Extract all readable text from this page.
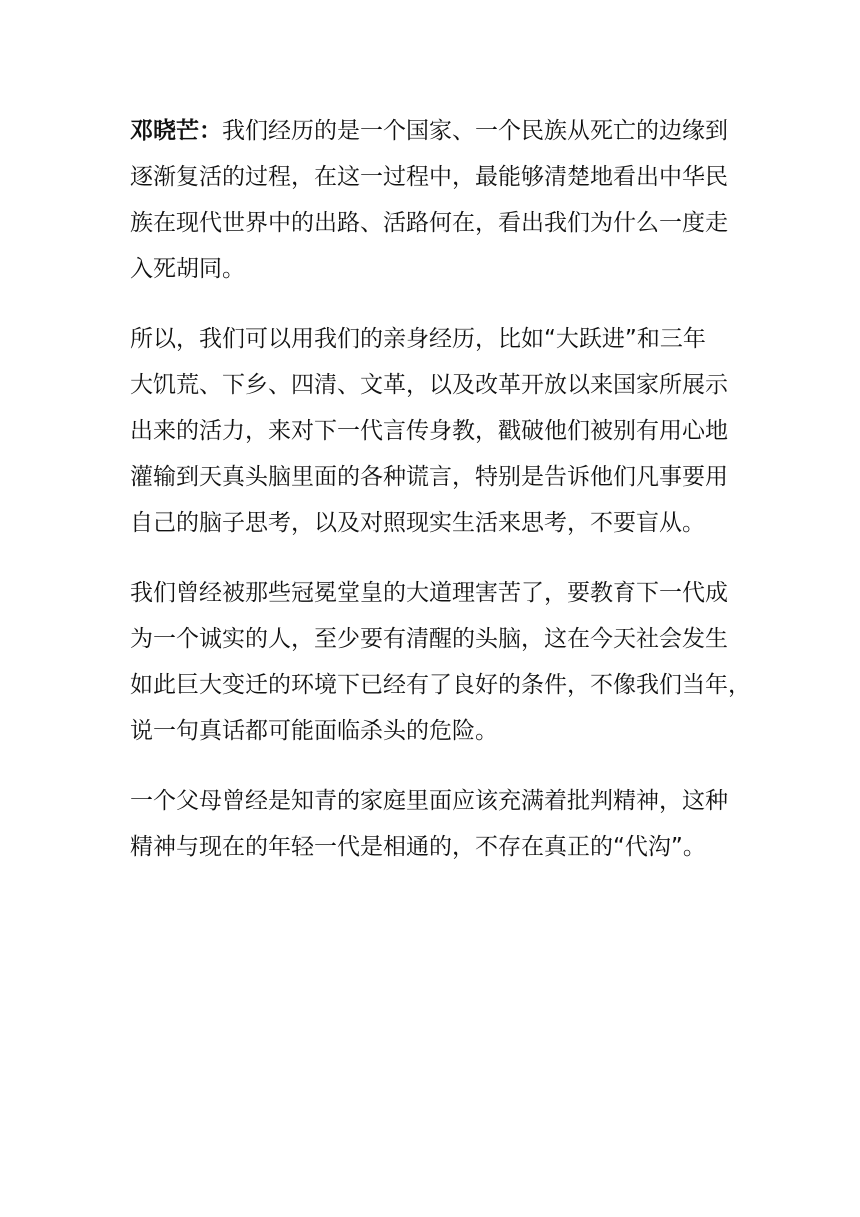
邓晓芒：我们经历的是一个国家、一个民族从死亡的边缘到
逐渐复活的过程，在这一过程中，最能够清楚地看出中华民
族在现代世界中的出路、活路何在，看出我们为什么一度走
入死胡同。
所以，我们可以用我们的亲身经历，比如“大跃进”和三年
大饥荒、下乡、四清、文革，以及改革开放以来国家所展示
出来的活力，来对下一代言传身教，戳破他们被别有用心地
灌输到天真头脑里面的各种谎言，特别是告诉他们凡事要用
自己的脑子思考，以及对照现实生活来思考，不要盲从。
我们曾经被那些冠冕堂皇的大道理害苦了，要教育下一代成
为一个诚实的人，至少要有清醒的头脑，这在今天社会发生
如此巨大变迁的环境下已经有了良好的条件，不像我们当年，
说一句真话都可能面临杀头的危险。
一个父母曾经是知青的家庭里面应该充满着批判精神，这种
精神与现在的年轻一代是相通的，不存在真正的“代沟”。
